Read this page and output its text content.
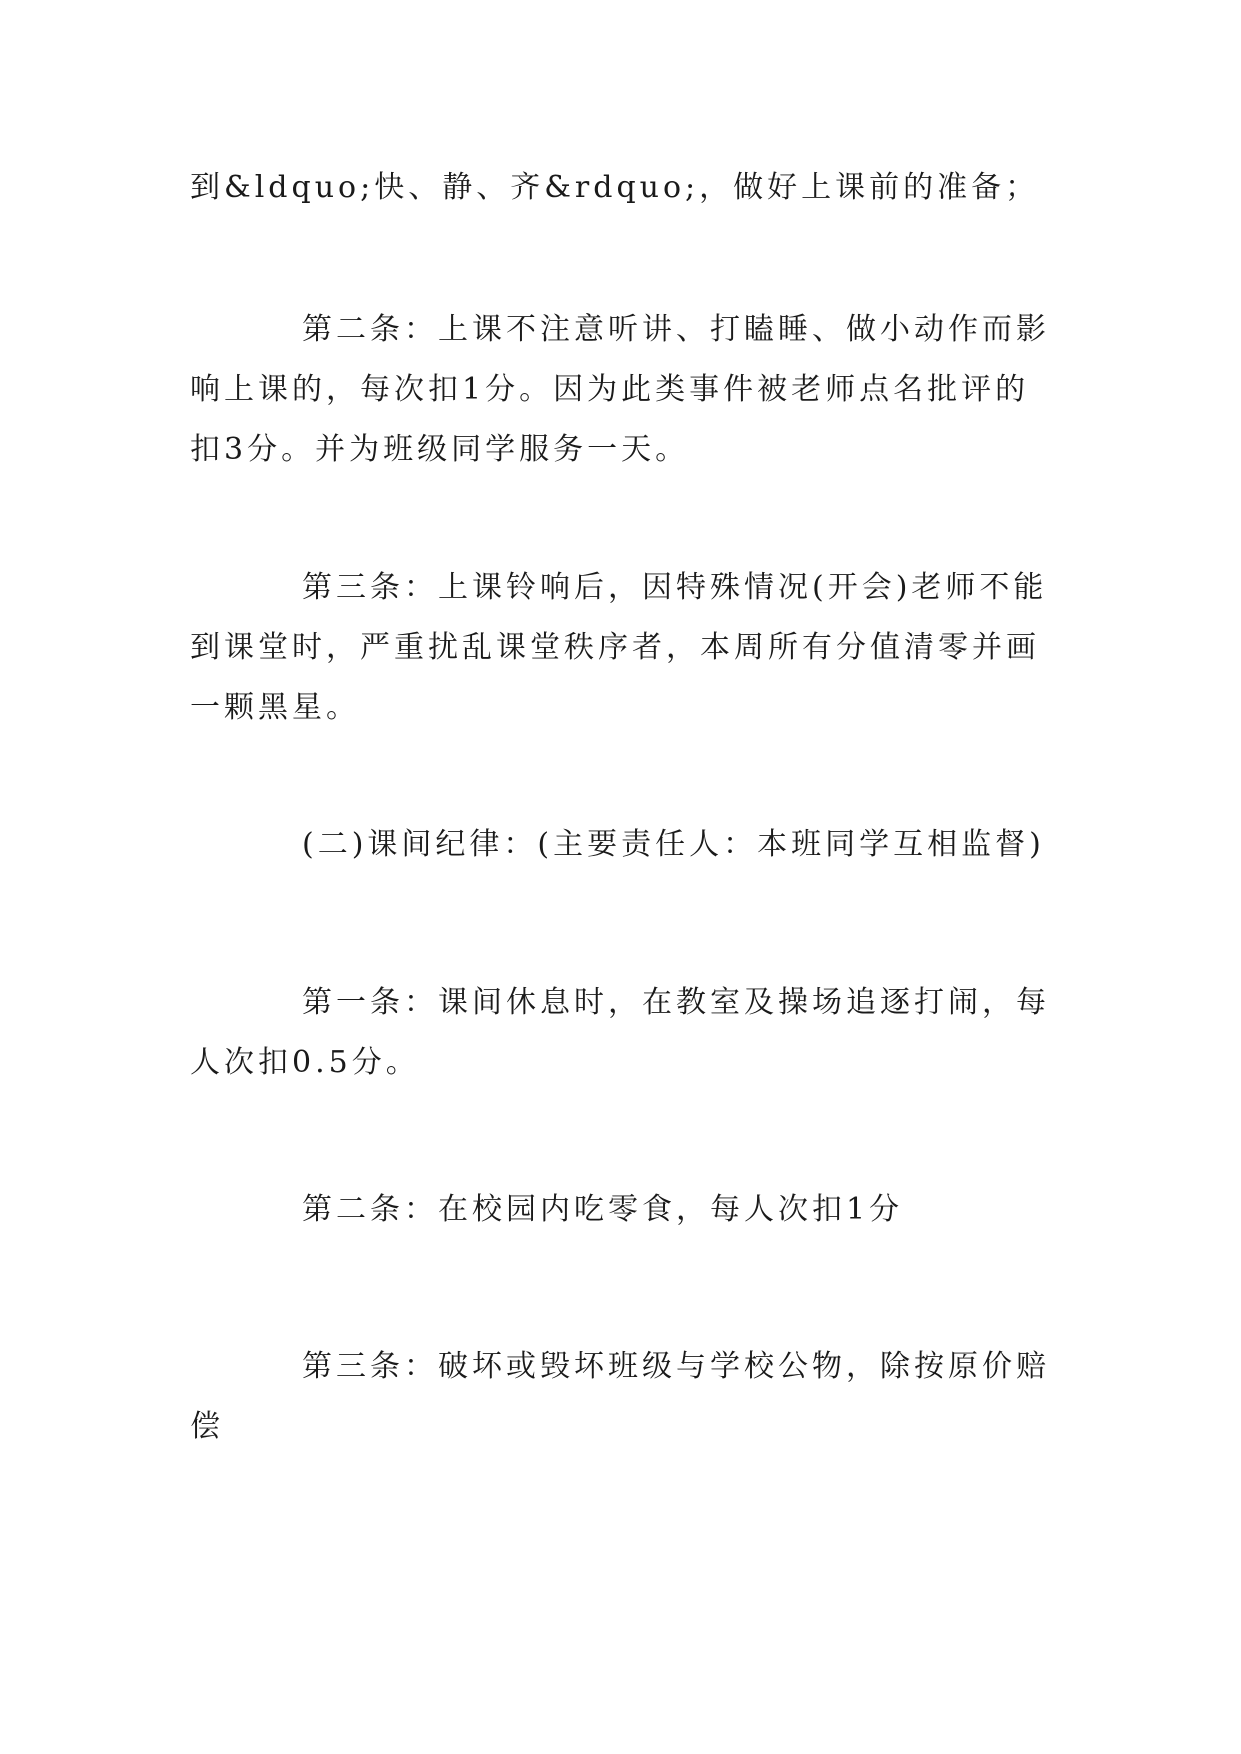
到&ldquo;快、静、齐&rdquo;，做好上课前的准备；

第二条：上课不注意听讲、打瞌睡、做小动作而影响上课的，每次扣1分。因为此类事件被老师点名批评的扣3分。并为班级同学服务一天。

第三条：上课铃响后，因特殊情况(开会)老师不能到课堂时，严重扰乱课堂秩序者，本周所有分值清零并画一颗黑星。

(二)课间纪律：(主要责任人：本班同学互相监督)

第一条：课间休息时，在教室及操场追逐打闹，每人次扣0.5分。

第二条：在校园内吃零食，每人次扣1分

第三条：破坏或毁坏班级与学校公物，除按原价赔偿
